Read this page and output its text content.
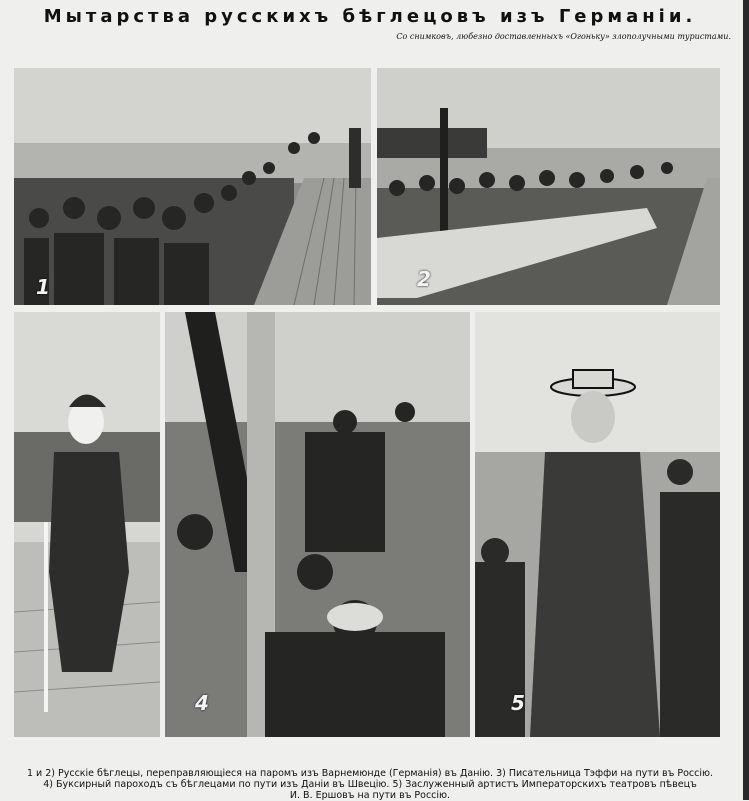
Мытарства русскихъ бѣглецовъ изъ Германіи.
Со снимковъ, любезно доставленныхъ «Огоньку» злополучными туристами.
1	2
4	5
1 и 2) Русскіе бѣглецы, переправляющіеся на паромъ изъ Варнемюнде (Германія) въ Данію. 3) Писательница Тэффи на пути въ Россію.
4) Буксирный пароходъ съ бѣглецами по пути изъ Даніи въ Швецію. 5) Заслуженный артистъ Императорскихъ театровъ пѣвецъ
И. В. Ершовъ на пути въ Россію.
